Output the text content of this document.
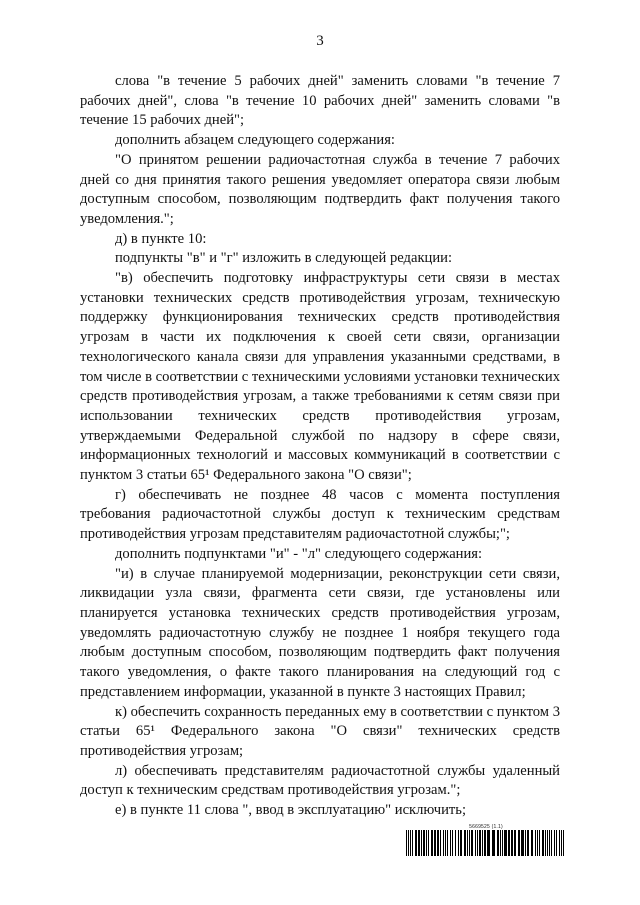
3

слова "в течение 5 рабочих дней" заменить словами "в течение 7 рабочих дней", слова "в течение 10 рабочих дней" заменить словами "в течение 15 рабочих дней";

дополнить абзацем следующего содержания:

"О принятом решении радиочастотная служба в течение 7 рабочих дней со дня принятия такого решения уведомляет оператора связи любым доступным способом, позволяющим подтвердить факт получения такого уведомления.";

д) в пункте 10:

подпункты "в" и "г" изложить в следующей редакции:

"в) обеспечить подготовку инфраструктуры сети связи в местах установки технических средств противодействия угрозам, техническую поддержку функционирования технических средств противодействия угрозам в части их подключения к своей сети связи, организации технологического канала связи для управления указанными средствами, в том числе в соответствии с техническими условиями установки технических средств противодействия угрозам, а также требованиями к сетям связи при использовании технических средств противодействия угрозам, утверждаемыми Федеральной службой по надзору в сфере связи, информационных технологий и массовых коммуникаций в соответствии с пунктом 3 статьи 65¹ Федерального закона "О связи";

г) обеспечивать не позднее 48 часов с момента поступления требования радиочастотной службы доступ к техническим средствам противодействия угрозам представителям радиочастотной службы;";

дополнить подпунктами "и" - "л" следующего содержания:

"и) в случае планируемой модернизации, реконструкции сети связи, ликвидации узла связи, фрагмента сети связи, где установлены или планируется установка технических средств противодействия угрозам, уведомлять радиочастотную службу не позднее 1 ноября текущего года любым доступным способом, позволяющим подтвердить факт получения такого уведомления, о факте такого планирования на следующий год с представлением информации, указанной в пункте 3 настоящих Правил;

к) обеспечить сохранность переданных ему в соответствии с пунктом 3 статьи 65¹ Федерального закона "О связи" технических средств противодействия угрозам;

л) обеспечивать представителям радиочастотной службы удаленный доступ к техническим средствам противодействия угрозам.";

е) в пункте 11 слова ", ввод в эксплуатацию" исключить;

5669525 (1.1)
